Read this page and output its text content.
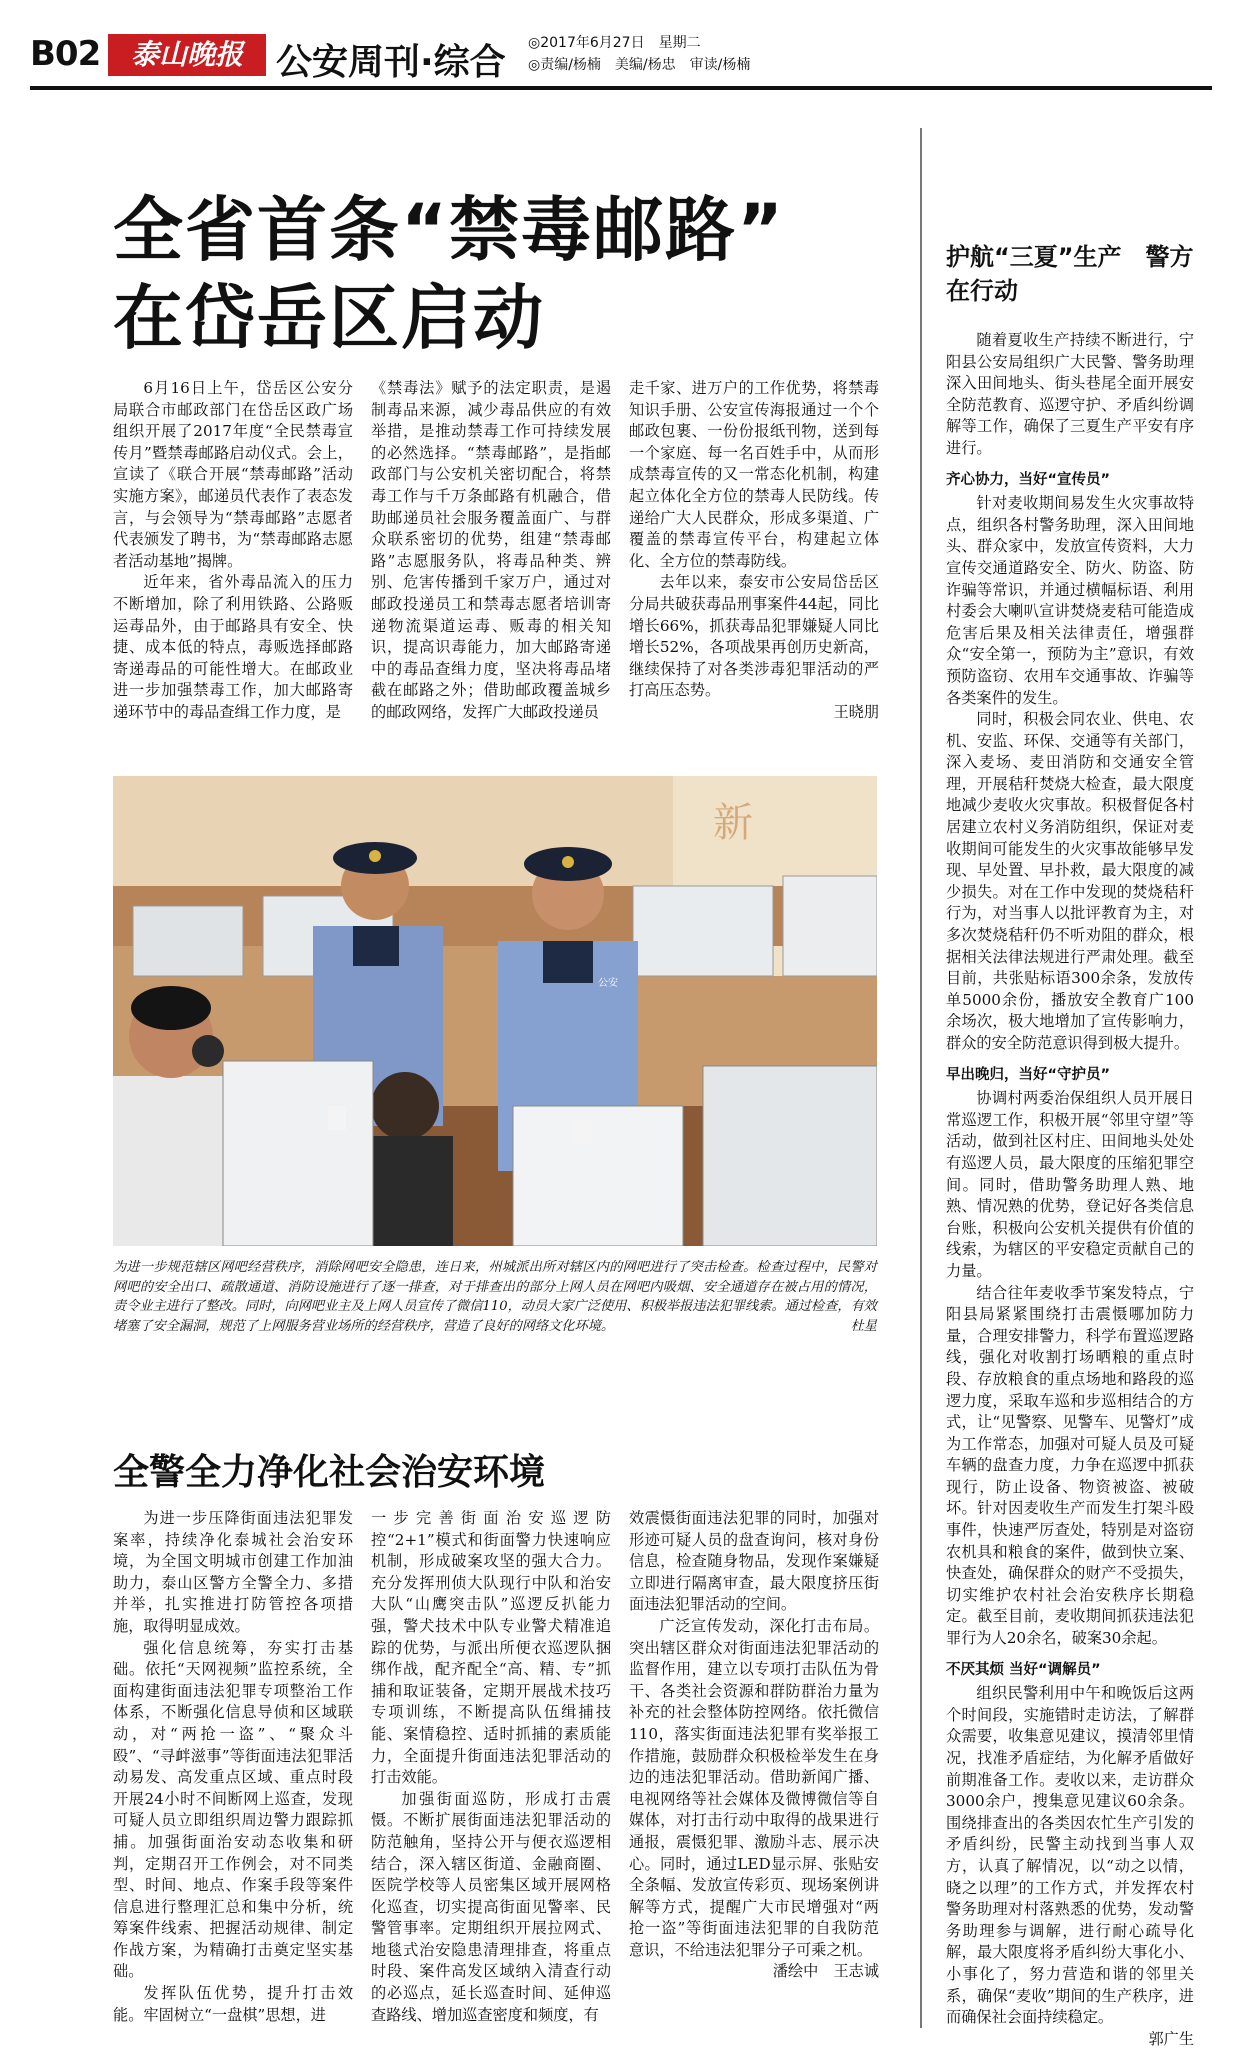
B02	泰山晚报 公安周刊·综合 ◎2017年6月27日　星期二
◎责编/杨楠　美编/杨忠　审读/杨楠
全省首条“禁毒邮路”
在岱岳区启动

6月16日上午，岱岳区公安分局联合市邮政部门在岱岳区政广场组织开展了2017年度“全民禁毒宣传月”暨禁毒邮路启动仪式。会上，宣读了《联合开展“禁毒邮路”活动实施方案》，邮递员代表作了表态发言，与会领导为“禁毒邮路”志愿者代表颁发了聘书，为“禁毒邮路志愿者活动基地”揭牌。

近年来，省外毒品流入的压力不断增加，除了利用铁路、公路贩运毒品外，由于邮路具有安全、快捷、成本低的特点，毒贩选择邮路寄递毒品的可能性增大。在邮政业进一步加强禁毒工作，加大邮路寄递环节中的毒品查缉工作力度，是

《禁毒法》赋予的法定职责，是遏制毒品来源，减少毒品供应的有效举措，是推动禁毒工作可持续发展的必然选择。“禁毒邮路”，是指邮政部门与公安机关密切配合，将禁毒工作与千万条邮路有机融合，借助邮递员社会服务覆盖面广、与群众联系密切的优势，组建“禁毒邮路”志愿服务队，将毒品种类、辨别、危害传播到千家万户，通过对邮政投递员工和禁毒志愿者培训寄递物流渠道运毒、贩毒的相关知识，提高识毒能力，加大邮路寄递中的毒品查缉力度，坚决将毒品堵截在邮路之外；借助邮政覆盖城乡的邮政网络，发挥广大邮政投递员

走千家、进万户的工作优势，将禁毒知识手册、公安宣传海报通过一个个邮政包裹、一份份报纸刊物，送到每一个家庭、每一名百姓手中，从而形成禁毒宣传的又一常态化机制，构建起立体化全方位的禁毒人民防线。传递给广大人民群众，形成多渠道、广覆盖的禁毒宣传平台，构建起立体化、全方位的禁毒防线。

去年以来，泰安市公安局岱岳区分局共破获毒品刑事案件44起，同比增长66%，抓获毒品犯罪嫌疑人同比增长52%，各项战果再创历史新高，继续保持了对各类涉毒犯罪活动的严打高压态势。

王晓朋

新
公安
为进一步规范辖区网吧经营秩序，消除网吧安全隐患，连日来，州城派出所对辖区内的网吧进行了突击检查。检查过程中，民警对网吧的安全出口、疏散通道、消防设施进行了逐一排查，对于排查出的部分上网人员在网吧内吸烟、安全通道存在被占用的情况，责令业主进行了整改。同时，向网吧业主及上网人员宣传了微信110，动员大家广泛使用、积极举报违法犯罪线索。通过检查，有效堵塞了安全漏洞，规范了上网服务营业场所的经营秩序，营造了良好的网络文化环境。	杜星
全警全力净化社会治安环境

为进一步压降街面违法犯罪发案率，持续净化泰城社会治安环境，为全国文明城市创建工作加油助力，泰山区警方全警全力、多措并举，扎实推进打防管控各项措施，取得明显成效。

强化信息统筹，夯实打击基础。依托“天网视频”监控系统，全面构建街面违法犯罪专项整治工作体系，不断强化信息导侦和区域联动，对“两抢一盗”、“聚众斗殴”、“寻衅滋事”等街面违法犯罪活动易发、高发重点区域、重点时段开展24小时不间断网上巡查，发现可疑人员立即组织周边警力跟踪抓捕。加强街面治安动态收集和研判，定期召开工作例会，对不同类型、时间、地点、作案手段等案件信息进行整理汇总和集中分析，统筹案件线索、把握活动规律、制定作战方案，为精确打击奠定坚实基础。

发挥队伍优势，提升打击效能。牢固树立“一盘棋”思想，进

一步完善街面治安巡逻防控“2+1”模式和街面警力快速响应机制，形成破案攻坚的强大合力。充分发挥刑侦大队现行中队和治安大队“山鹰突击队”巡逻反扒能力强，警犬技术中队专业警犬精准追踪的优势，与派出所便衣巡逻队捆绑作战，配齐配全“高、精、专”抓捕和取证装备，定期开展战术技巧专项训练，不断提高队伍缉捕技能、案情稳控、适时抓捕的素质能力，全面提升街面违法犯罪活动的打击效能。

加强街面巡防，形成打击震慑。不断扩展街面违法犯罪活动的防范触角，坚持公开与便衣巡逻相结合，深入辖区街道、金融商圈、医院学校等人员密集区域开展网格化巡查，切实提高街面见警率、民警管事率。定期组织开展拉网式、地毯式治安隐患清理排查，将重点时段、案件高发区域纳入清查行动的必巡点，延长巡查时间、延伸巡查路线、增加巡查密度和频度，有

效震慑街面违法犯罪的同时，加强对形迹可疑人员的盘查询问，核对身份信息，检查随身物品，发现作案嫌疑立即进行隔离审查，最大限度挤压街面违法犯罪活动的空间。

广泛宣传发动，深化打击布局。突出辖区群众对街面违法犯罪活动的监督作用，建立以专项打击队伍为骨干、各类社会资源和群防群治力量为补充的社会整体防控网络。依托微信110，落实街面违法犯罪有奖举报工作措施，鼓励群众积极检举发生在身边的违法犯罪活动。借助新闻广播、电视网络等社会媒体及微博微信等自媒体，对打击行动中取得的战果进行通报，震慑犯罪、激励斗志、展示决心。同时，通过LED显示屏、张贴安全条幅、发放宣传彩页、现场案例讲解等方式，提醒广大市民增强对“两抢一盗”等街面违法犯罪的自我防范意识，不给违法犯罪分子可乘之机。

潘绘中　王志诚

护航“三夏”生产　警方在行动

随着夏收生产持续不断进行，宁阳县公安局组织广大民警、警务助理深入田间地头、街头巷尾全面开展安全防范教育、巡逻守护、矛盾纠纷调解等工作，确保了三夏生产平安有序进行。

齐心协力，当好“宣传员”

针对麦收期间易发生火灾事故特点，组织各村警务助理，深入田间地头、群众家中，发放宣传资料，大力宣传交通道路安全、防火、防盗、防诈骗等常识，并通过横幅标语、利用村委会大喇叭宣讲焚烧麦秸可能造成危害后果及相关法律责任，增强群众“安全第一，预防为主”意识，有效预防盗窃、农用车交通事故、诈骗等各类案件的发生。

同时，积极会同农业、供电、农机、安监、环保、交通等有关部门，深入麦场、麦田消防和交通安全管理，开展秸秆焚烧大检查，最大限度地减少麦收火灾事故。积极督促各村居建立农村义务消防组织，保证对麦收期间可能发生的火灾事故能够早发现、早处置、早扑救，最大限度的减少损失。对在工作中发现的焚烧秸秆行为，对当事人以批评教育为主，对多次焚烧秸秆仍不听劝阻的群众，根据相关法律法规进行严肃处理。截至目前，共张贴标语300余条，发放传单5000余份，播放安全教育广100余场次，极大地增加了宣传影响力，群众的安全防范意识得到极大提升。

早出晚归，当好“守护员”

协调村两委治保组织人员开展日常巡逻工作，积极开展“邻里守望”等活动，做到社区村庄、田间地头处处有巡逻人员，最大限度的压缩犯罪空间。同时，借助警务助理人熟、地熟、情况熟的优势，登记好各类信息台账，积极向公安机关提供有价值的线索，为辖区的平安稳定贡献自己的力量。

结合往年麦收季节案发特点，宁阳县局紧紧围绕打击震慑哪加防力量，合理安排警力，科学布置巡逻路线，强化对收割打场晒粮的重点时段、存放粮食的重点场地和路段的巡逻力度，采取车巡和步巡相结合的方式，让“见警察、见警车、见警灯”成为工作常态，加强对可疑人员及可疑车辆的盘查力度，力争在巡逻中抓获现行，防止设备、物资被盗、被破坏。针对因麦收生产而发生打架斗殴事件，快速严厉查处，特别是对盗窃农机具和粮食的案件，做到快立案、快查处，确保群众的财产不受损失，切实维护农村社会治安秩序长期稳定。截至目前，麦收期间抓获违法犯罪行为人20余名，破案30余起。

不厌其烦 当好“调解员”

组织民警利用中午和晚饭后这两个时间段，实施错时走访法，了解群众需要，收集意见建议，摸清邻里情况，找准矛盾症结，为化解矛盾做好前期准备工作。麦收以来，走访群众3000余户，搜集意见建议60余条。围绕排查出的各类因农忙生产引发的矛盾纠纷，民警主动找到当事人双方，认真了解情况，以“动之以情，晓之以理”的工作方式，并发挥农村警务助理对村落熟悉的优势，发动警务助理参与调解，进行耐心疏导化解，最大限度将矛盾纠纷大事化小、小事化了，努力营造和谐的邻里关系，确保“麦收”期间的生产秩序，进而确保社会面持续稳定。

郭广生
